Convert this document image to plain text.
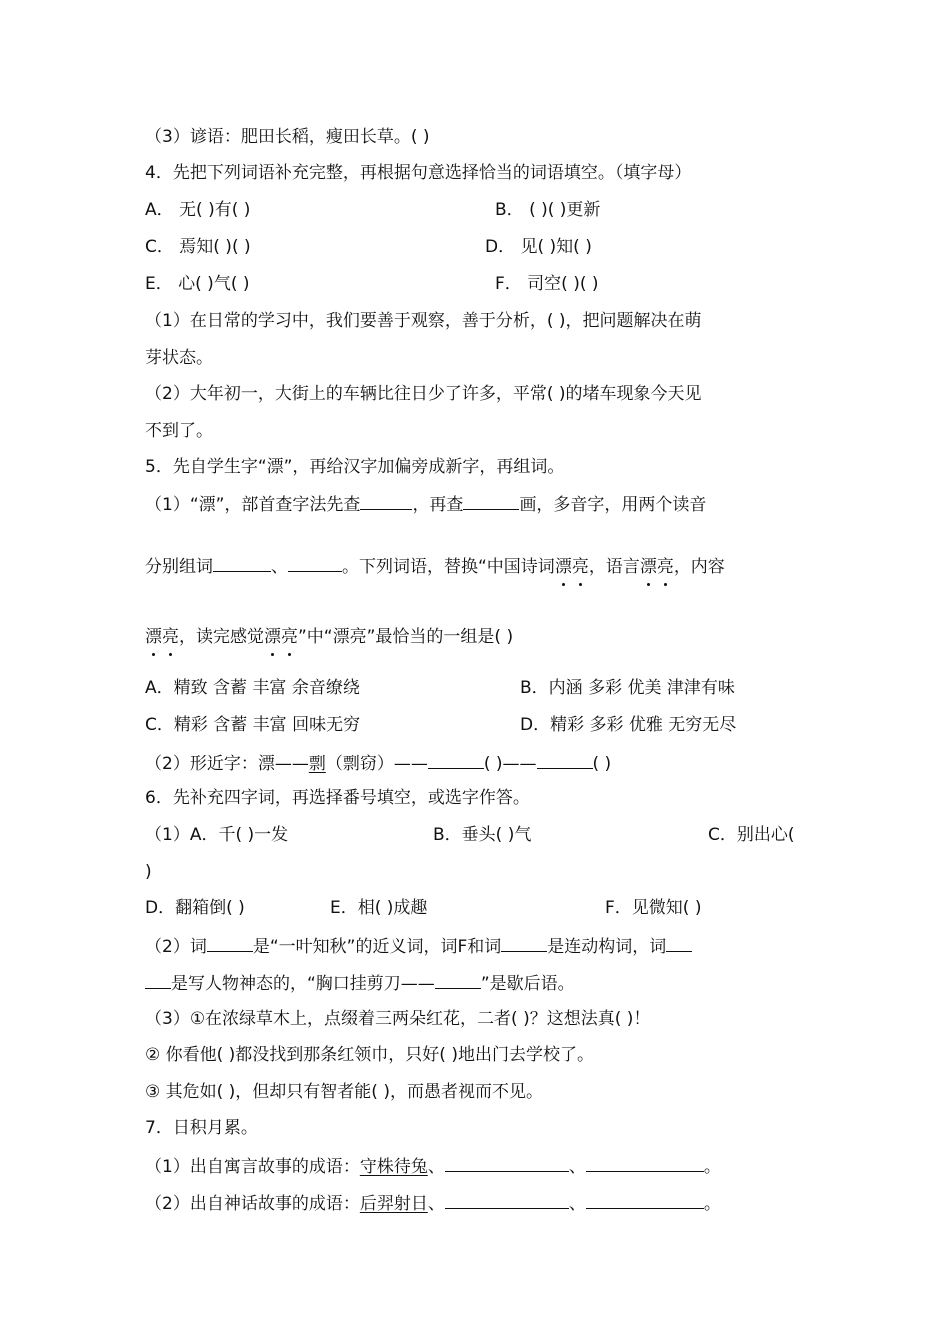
（3）谚语：肥田长稻，瘦田长草。( )
4．先把下列词语补充完整，再根据句意选择恰当的词语填空。（填字母）
A． 无( )有( )	B． ( )( )更新
C． 焉知( )( )	D． 见( )知( )
E． 心( )气( )	F． 司空( )( )
（1）在日常的学习中，我们要善于观察，善于分析，( )，把问题解决在萌
芽状态。
（2）大年初一，大街上的车辆比往日少了许多，平常( )的堵车现象今天见
不到了。
5．先自学生字“漂”，再给汉字加偏旁成新字，再组词。
（1）“漂”，部首查字法先查	，再查	画，多音字，用两个读音
分别组词	、	。下列词语，替换“中国诗词漂亮，语言漂亮，内容
漂亮，读完感觉漂亮”中“漂亮”最恰当的一组是( )
A．精致 含蓄 丰富 余音缭绕	B．内涵 多彩 优美 津津有味
C．精彩 含蓄 丰富 回味无穷	D．精彩 多彩 优雅 无穷无尽
（2）形近字：漂——剽（剽窃）——	( )——	( )
6．先补充四字词，再选择番号填空，或选字作答。
（1）A．千( )一发	B．垂头( )气	C．别出心(
)
D．翻箱倒( )	E．相( )成趣	F．见微知( )
（2）词	是“一叶知秋”的近义词，词F和词	是连动构词，词
是写人物神态的，“胸口挂剪刀——	”是歇后语。
（3）①在浓绿草木上，点缀着三两朵红花，二者( )？这想法真( )！
② 你看他( )都没找到那条红领巾，只好( )地出门去学校了。
③ 其危如( )，但却只有智者能( )，而愚者视而不见。
7．日积月累。
（1）出自寓言故事的成语：守株待兔、	、	。
（2）出自神话故事的成语：后羿射日、	、	。
